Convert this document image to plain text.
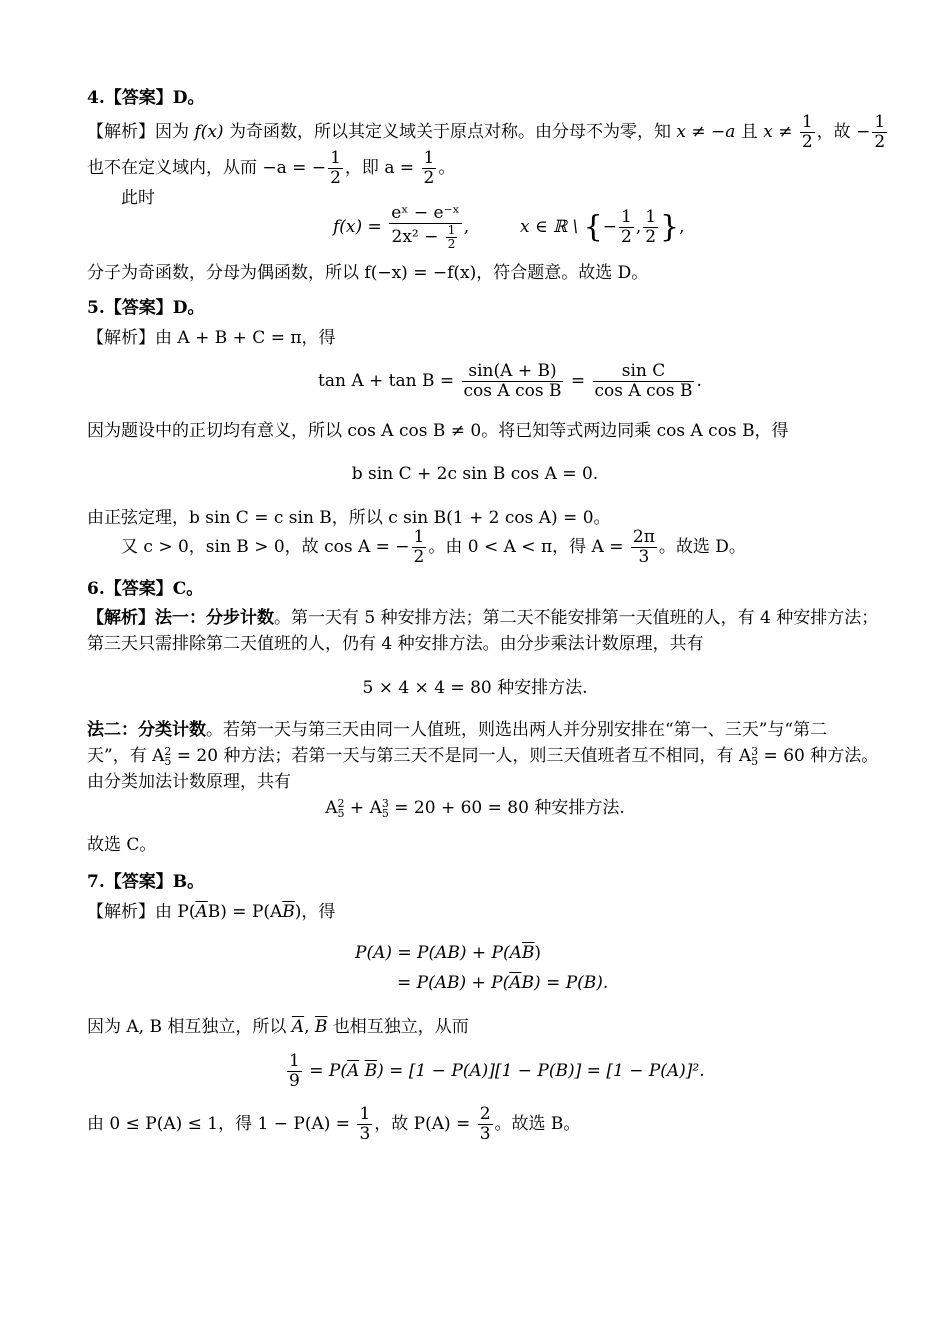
4.【答案】D。
【解析】因为 f(x) 为奇函数，所以其定义域关于原点对称。由分母不为零，知 x ≠ −a 且 $x \ne \frac{1}{2}$ ，故 − $\frac{1}{2}$
也不在定义域内，从而 −a = − $\frac{1}{2}$ ，即 $a = \frac{1}{2}$ 。
此时
$f(x) = \frac{\text{eˣ − e⁻ˣ}}{2x^2 - \frac{1}{2}}$ ,	x ∈ ℝ \ {− $\frac{1}{2}$ , $\frac{1}{2}$ },
分子为奇函数，分母为偶函数，所以 f(−x) = −f(x)，符合题意。故选 D。
5.【答案】D。
【解析】由 A + B + C = π，得
$\tan A + \tan B = \frac{\sin(A + B)}{\text{cos A cos B}} = \frac{\text{sin C}}{\text{cos A cos B}}$ .
因为题设中的正切均有意义，所以 cos A cos B ≠ 0。将已知等式两边同乘 cos A cos B，得
b sin C + 2c sin B cos A = 0.
由正弦定理，b sin C = c sin B，所以 c sin B(1 + 2 cos A) = 0。
又 c > 0，sin B > 0，故 cos A = − $\frac{1}{2}$ 。由 0 < A < π，得 $A = \frac{2\pi}{3}$ 。故选 D。
6.【答案】C。
【解析】法一：分步计数。第一天有 5 种安排方法；第二天不能安排第一天值班的人，有 4 种安排方法；
第三天只需排除第二天值班的人，仍有 4 种安排方法。由分步乘法计数原理，共有
5 × 4 × 4 = 80 种安排方法.
法二：分类计数。若第一天与第三天由同一人值班，则选出两人并分别安排在“第一、三天”与“第二
天”，有 A 2
5 = 20 种方法；若第一天与第三天不是同一人，则三天值班者互不相同，有 A 3
5 = 60 种方法。
由分类加法计数原理，共有
A 2
5 + A 3
5 = 20 + 60 = 80 种安排方法.
故选 C。
7.【答案】B。
【解析】由 $P(\overline{A}B) = P(A\overline{B})$，得
$P(A) = P(AB) + P(A\overline{B})$
= $P(AB) + P(\overline{A}B) = P(B)$.
因为 A, B 相互独立，所以 $\overline{A}$, $\overline{B}$ 也相互独立，从而
$\frac{1}{9} = P(\overline{A}$ $\overline{B}) = [1 - P(A)][1 - P(B)] = [1 - P(A)]^2$.
由 0 ≤ P(A) ≤ 1，得 $1 - P(A) = \frac{1}{3}$ ，故 $P(A) = \frac{2}{3}$ 。故选 B。
